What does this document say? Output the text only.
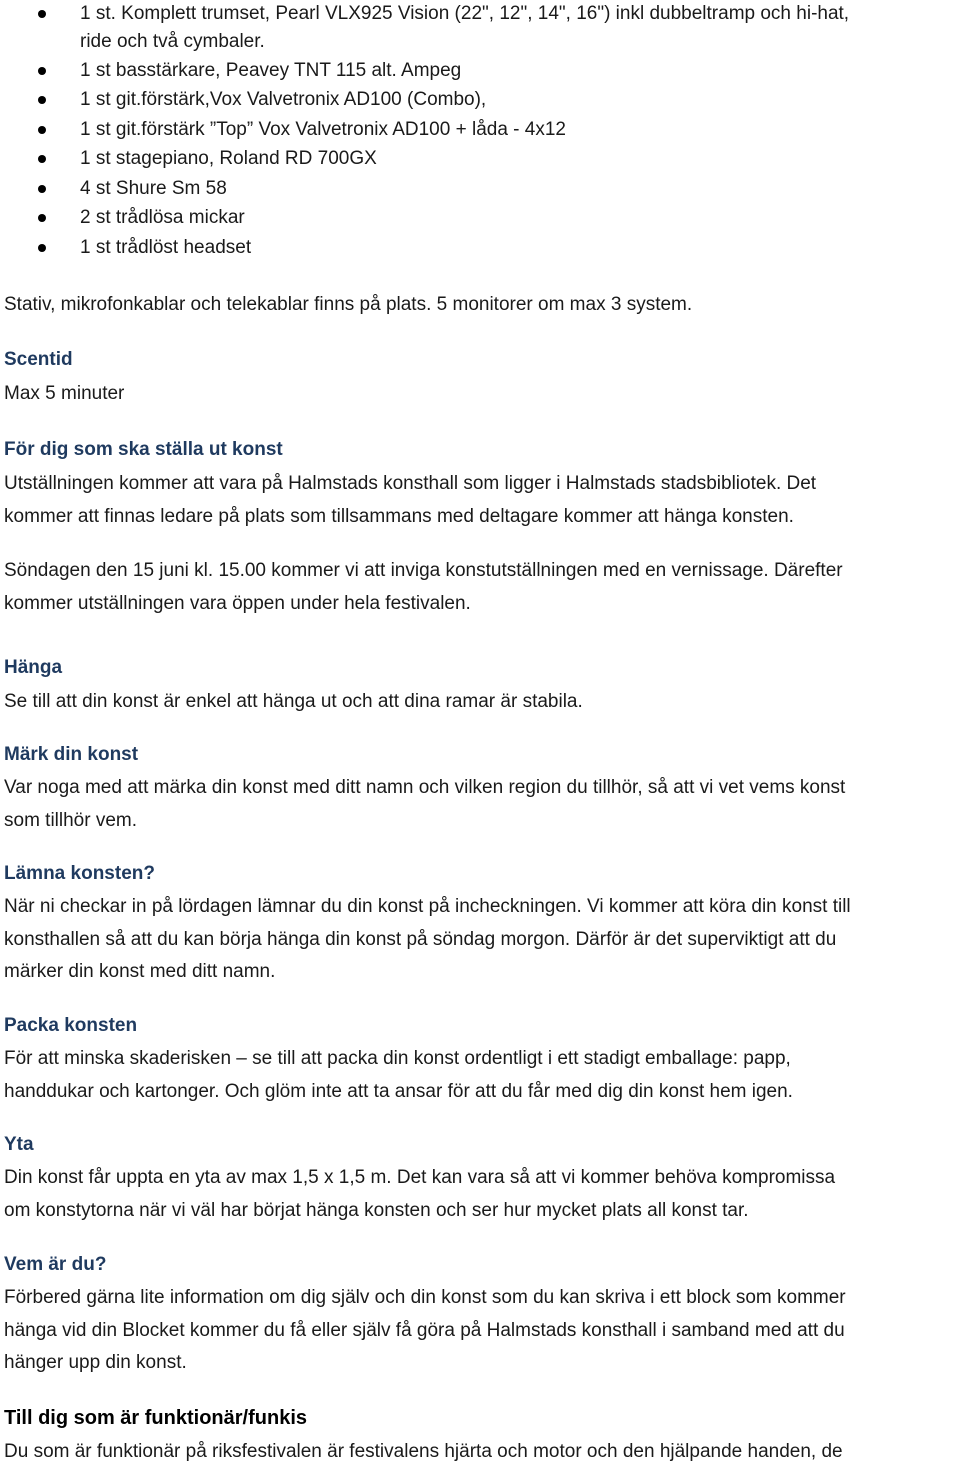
1 st. Komplett trumset, Pearl VLX925 Vision (22", 12", 14", 16") inkl dubbeltramp och hi-hat,
ride och två cymbaler.
1 st basstärkare, Peavey TNT 115 alt. Ampeg
1 st git.förstärk,Vox Valvetronix AD100 (Combo),
1 st git.förstärk ”Top” Vox Valvetronix AD100 + låda - 4x12
1 st stagepiano, Roland RD 700GX
4 st Shure Sm 58
2 st trådlösa mickar
1 st trådlöst headset
Stativ, mikrofonkablar och telekablar finns på plats. 5 monitorer om max 3 system.
Scentid
Max 5 minuter
För dig som ska ställa ut konst
Utställningen kommer att vara på Halmstads konsthall som ligger i Halmstads stadsbibliotek. Det
kommer att finnas ledare på plats som tillsammans med deltagare kommer att hänga konsten.
Söndagen den 15 juni kl. 15.00 kommer vi att inviga konstutställningen med en vernissage. Därefter
kommer utställningen vara öppen under hela festivalen.
Hänga
Se till att din konst är enkel att hänga ut och att dina ramar är stabila.
Märk din konst
Var noga med att märka din konst med ditt namn och vilken region du tillhör, så att vi vet vems konst
som tillhör vem.
Lämna konsten?
När ni checkar in på lördagen lämnar du din konst på incheckningen. Vi kommer att köra din konst till
konsthallen så att du kan börja hänga din konst på söndag morgon. Därför är det superviktigt att du
märker din konst med ditt namn.
Packa konsten
För att minska skaderisken – se till att packa din konst ordentligt i ett stadigt emballage: papp,
handdukar och kartonger. Och glöm inte att ta ansar för att du får med dig din konst hem igen.
Yta
Din konst får uppta en yta av max 1,5 x 1,5 m. Det kan vara så att vi kommer behöva kompromissa
om konstytorna när vi väl har börjat hänga konsten och ser hur mycket plats all konst tar.
Vem är du?
Förbered gärna lite information om dig själv och din konst som du kan skriva i ett block som kommer
hänga vid din Blocket kommer du få eller själv få göra på Halmstads konsthall i samband med att du
hänger upp din konst.
Till dig som är funktionär/funkis
Du som är funktionär på riksfestivalen är festivalens hjärta och motor och den hjälpande handen, de
